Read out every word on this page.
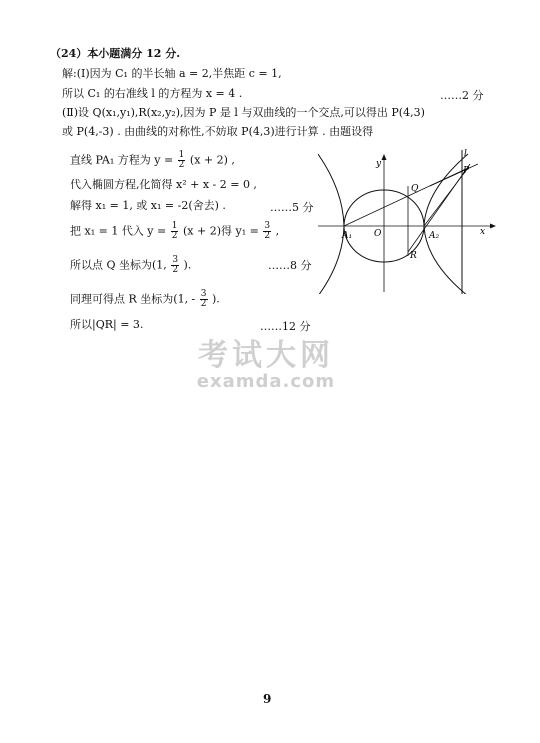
（24）本小题满分 12 分.
解:(Ⅰ)因为 C₁ 的半长轴 a = 2,半焦距 c = 1,
所以 C₁ 的右准线 l 的方程为 x = 4 .	……2 分
(Ⅱ)设 Q(x₁,y₁),R(x₂,y₂),因为 P 是 l 与双曲线的一个交点,可以得出 P(4,3)
或 P(4,-3) . 由曲线的对称性,不妨取 P(4,3)进行计算 . 由题设得
直线 PA₁ 方程为 $y = \frac{1}{2} (x + 2)$ ,
代入椭圆方程,化简得 x² + x - 2 = 0 ,
解得 x₁ = 1, 或 x₁ = -2(舍去) .	……5 分
把 x₁ = 1 代入 $y = \frac{1}{2} (x + 2)$得 $y_1 = \frac{3}{2}$ ,
所以点 Q 坐标为(1, $\frac{3}{2}$ ).	……8 分
同理可得点 R 坐标为(1, - $\frac{3}{2}$ ).
所以|QR| = 3.	……12 分
y
x
O
A₁	A₂
P
Q
R
l
考试大网
examda.com
9
